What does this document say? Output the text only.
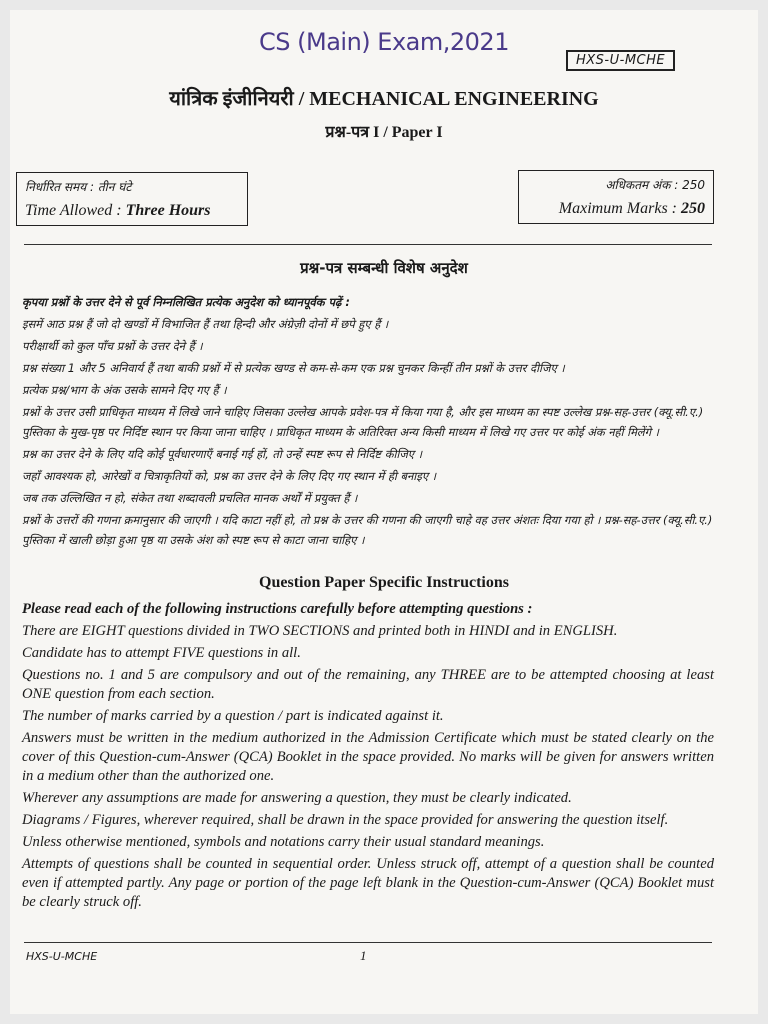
CS (Main) Exam,2021
HXS-U-MCHE
यांत्रिक इंजीनियरी / MECHANICAL ENGINEERING
प्रश्न-पत्र I / Paper I
निर्धारित समय : तीन घंटे
Time Allowed : Three Hours
अधिकतम अंक : 250
Maximum Marks : 250
प्रश्न-पत्र सम्बन्धी विशेष अनुदेश

कृपया प्रश्नों के उत्तर देने से पूर्व निम्नलिखित प्रत्येक अनुदेश को ध्यानपूर्वक पढ़ें :

इसमें आठ प्रश्न हैं जो दो खण्डों में विभाजित हैं तथा हिन्दी और अंग्रेज़ी दोनों में छपे हुए हैं ।

परीक्षार्थी को कुल पाँच प्रश्नों के उत्तर देने हैं ।

प्रश्न संख्या 1 और 5 अनिवार्य हैं तथा बाकी प्रश्नों में से प्रत्येक खण्ड से कम-से-कम एक प्रश्न चुनकर किन्हीं तीन प्रश्नों के उत्तर दीजिए ।

प्रत्येक प्रश्न/भाग के अंक उसके सामने दिए गए हैं ।

प्रश्नों के उत्तर उसी प्राधिकृत माध्यम में लिखे जाने चाहिए जिसका उल्लेख आपके प्रवेश-पत्र में किया गया है, और इस माध्यम का स्पष्ट उल्लेख प्रश्न-सह-उत्तर (क्यू.सी.ए.) पुस्तिका के मुख-पृष्ठ पर निर्दिष्ट स्थान पर किया जाना चाहिए । प्राधिकृत माध्यम के अतिरिक्त अन्य किसी माध्यम में लिखे गए उत्तर पर कोई अंक नहीं मिलेंगे ।

प्रश्न का उत्तर देने के लिए यदि कोई पूर्वधारणाएँ बनाई गई हों, तो उन्हें स्पष्ट रूप से निर्दिष्ट कीजिए ।

जहाँ आवश्यक हो, आरेखों व चित्राकृतियों को, प्रश्न का उत्तर देने के लिए दिए गए स्थान में ही बनाइए ।

जब तक उल्लिखित न हो, संकेत तथा शब्दावली प्रचलित मानक अर्थों में प्रयुक्त हैं ।

प्रश्नों के उत्तरों की गणना क्रमानुसार की जाएगी । यदि काटा नहीं हो, तो प्रश्न के उत्तर की गणना की जाएगी चाहे वह उत्तर अंशतः दिया गया हो । प्रश्न-सह-उत्तर (क्यू.सी.ए.) पुस्तिका में खाली छोड़ा हुआ पृष्ठ या उसके अंश को स्पष्ट रूप से काटा जाना चाहिए ।

Question Paper Specific Instructions

Please read each of the following instructions carefully before attempting questions :

There are EIGHT questions divided in TWO SECTIONS and printed both in HINDI and in ENGLISH.

Candidate has to attempt FIVE questions in all.

Questions no. 1 and 5 are compulsory and out of the remaining, any THREE are to be attempted choosing at least ONE question from each section.

The number of marks carried by a question / part is indicated against it.

Answers must be written in the medium authorized in the Admission Certificate which must be stated clearly on the cover of this Question-cum-Answer (QCA) Booklet in the space provided. No marks will be given for answers written in a medium other than the authorized one.

Wherever any assumptions are made for answering a question, they must be clearly indicated.

Diagrams / Figures, wherever required, shall be drawn in the space provided for answering the question itself.

Unless otherwise mentioned, symbols and notations carry their usual standard meanings.

Attempts of questions shall be counted in sequential order. Unless struck off, attempt of a question shall be counted even if attempted partly. Any page or portion of the page left blank in the Question-cum-Answer (QCA) Booklet must be clearly struck off.

HXS-U-MCHE	1
